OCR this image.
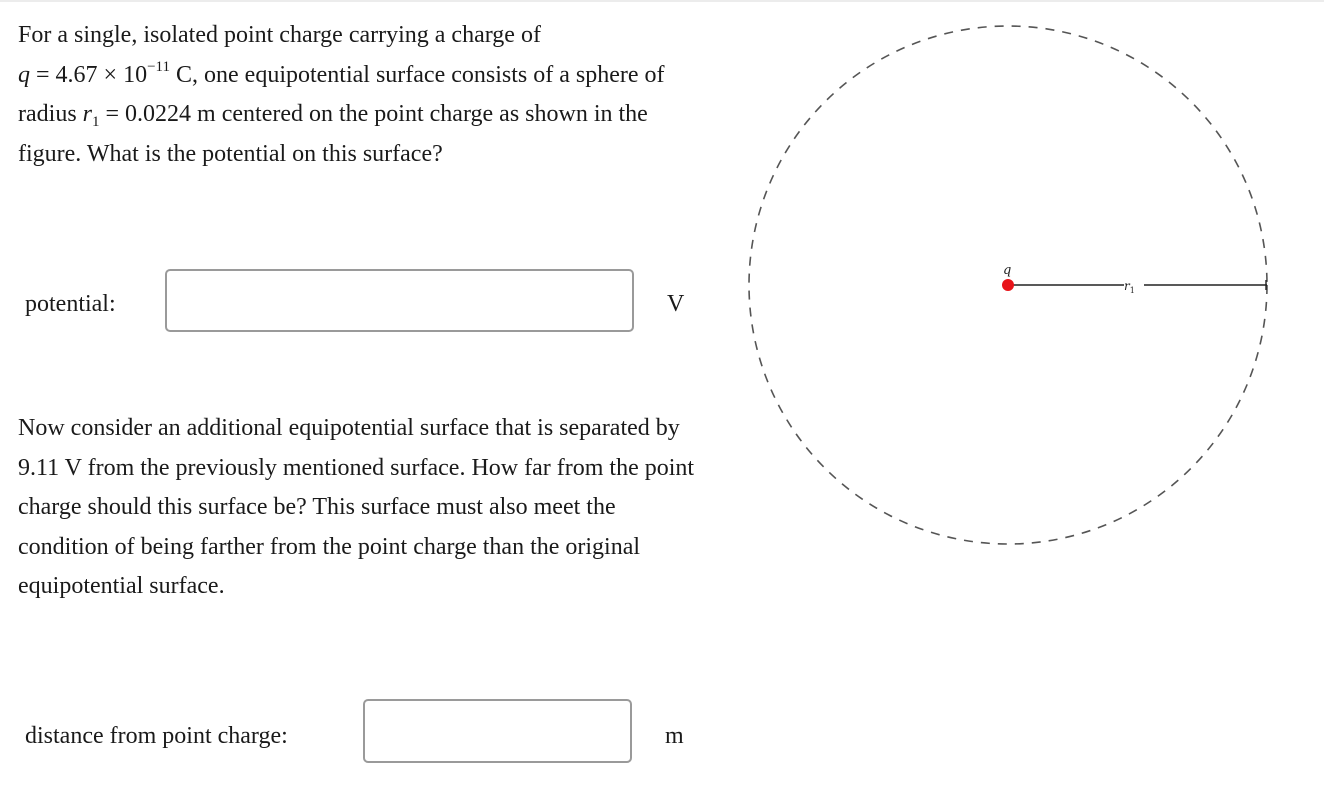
For a single, isolated point charge carrying a charge of
$q = 4.67 \times 10^{-11}$ C, one equipotential surface consists of a sphere of radius $r_1 = 0.0224$ m centered on the point charge as shown in the figure. What is the potential on this surface?
potential:	V
Now consider an additional equipotential surface that is separated by 9.11 V from the previously mentioned surface. How far from the point charge should this surface be? This surface must also meet the condition of being farther from the point charge than the original equipotential surface.
distance from point charge:	m
q
$r_1$
